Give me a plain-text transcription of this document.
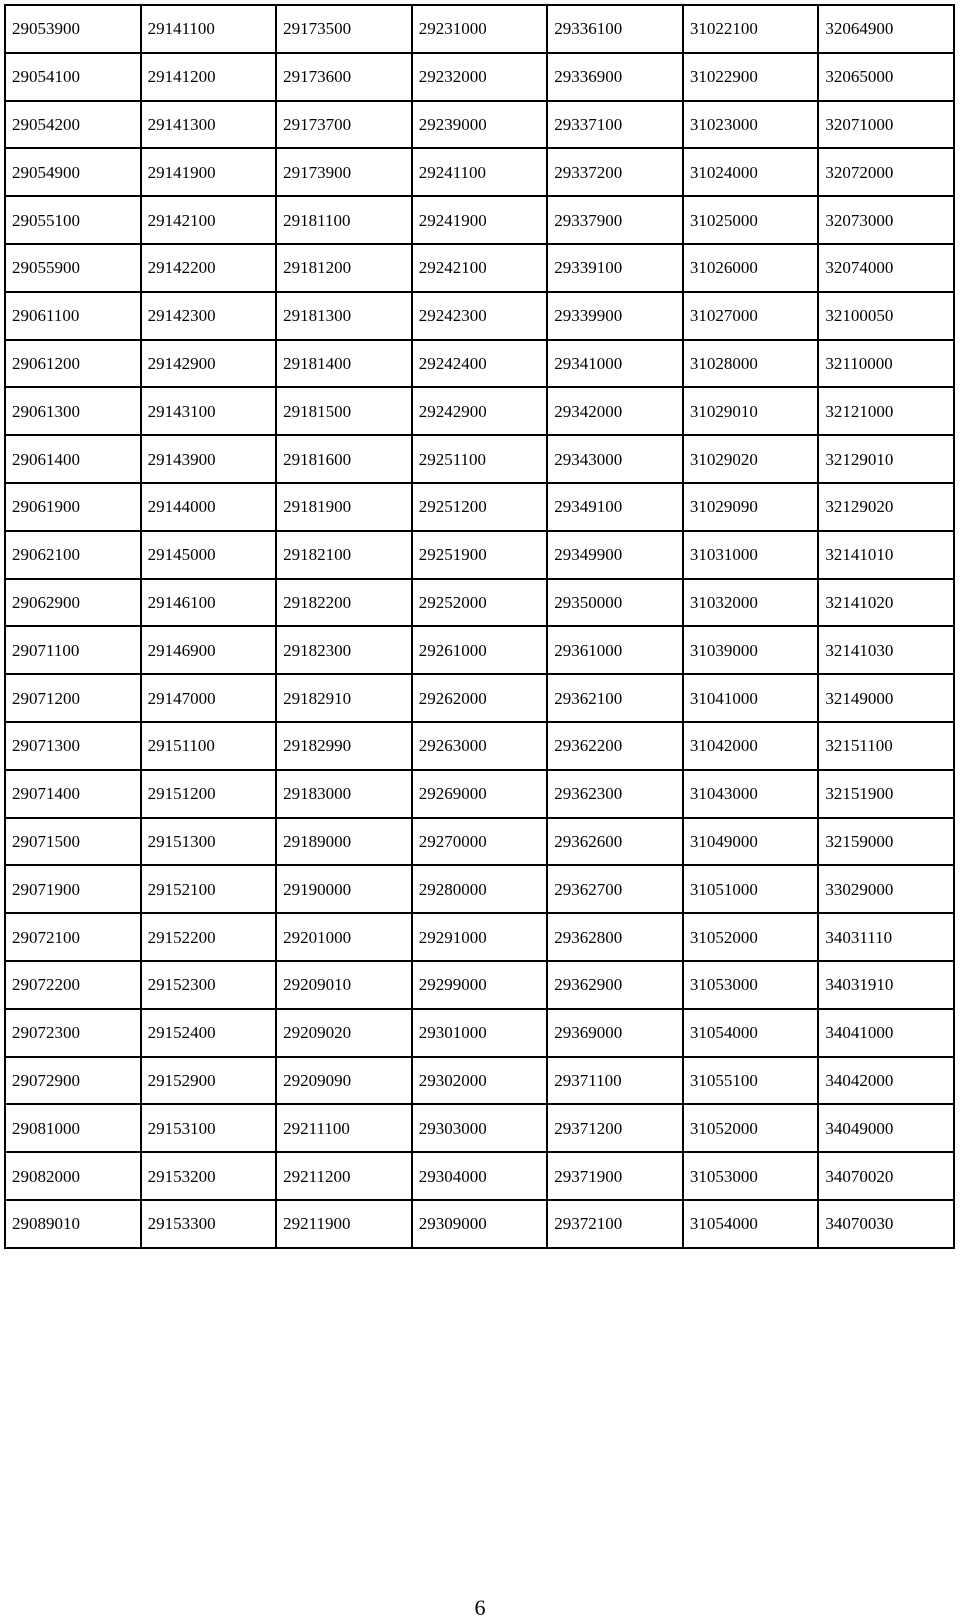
29053900	29141100	29173500	29231000	29336100	31022100	32064900
29054100	29141200	29173600	29232000	29336900	31022900	32065000
29054200	29141300	29173700	29239000	29337100	31023000	32071000
29054900	29141900	29173900	29241100	29337200	31024000	32072000
29055100	29142100	29181100	29241900	29337900	31025000	32073000
29055900	29142200	29181200	29242100	29339100	31026000	32074000
29061100	29142300	29181300	29242300	29339900	31027000	32100050
29061200	29142900	29181400	29242400	29341000	31028000	32110000
29061300	29143100	29181500	29242900	29342000	31029010	32121000
29061400	29143900	29181600	29251100	29343000	31029020	32129010
29061900	29144000	29181900	29251200	29349100	31029090	32129020
29062100	29145000	29182100	29251900	29349900	31031000	32141010
29062900	29146100	29182200	29252000	29350000	31032000	32141020
29071100	29146900	29182300	29261000	29361000	31039000	32141030
29071200	29147000	29182910	29262000	29362100	31041000	32149000
29071300	29151100	29182990	29263000	29362200	31042000	32151100
29071400	29151200	29183000	29269000	29362300	31043000	32151900
29071500	29151300	29189000	29270000	29362600	31049000	32159000
29071900	29152100	29190000	29280000	29362700	31051000	33029000
29072100	29152200	29201000	29291000	29362800	31052000	34031110
29072200	29152300	29209010	29299000	29362900	31053000	34031910
29072300	29152400	29209020	29301000	29369000	31054000	34041000
29072900	29152900	29209090	29302000	29371100	31055100	34042000
29081000	29153100	29211100	29303000	29371200	31052000	34049000
29082000	29153200	29211200	29304000	29371900	31053000	34070020
29089010	29153300	29211900	29309000	29372100	31054000	34070030
6
